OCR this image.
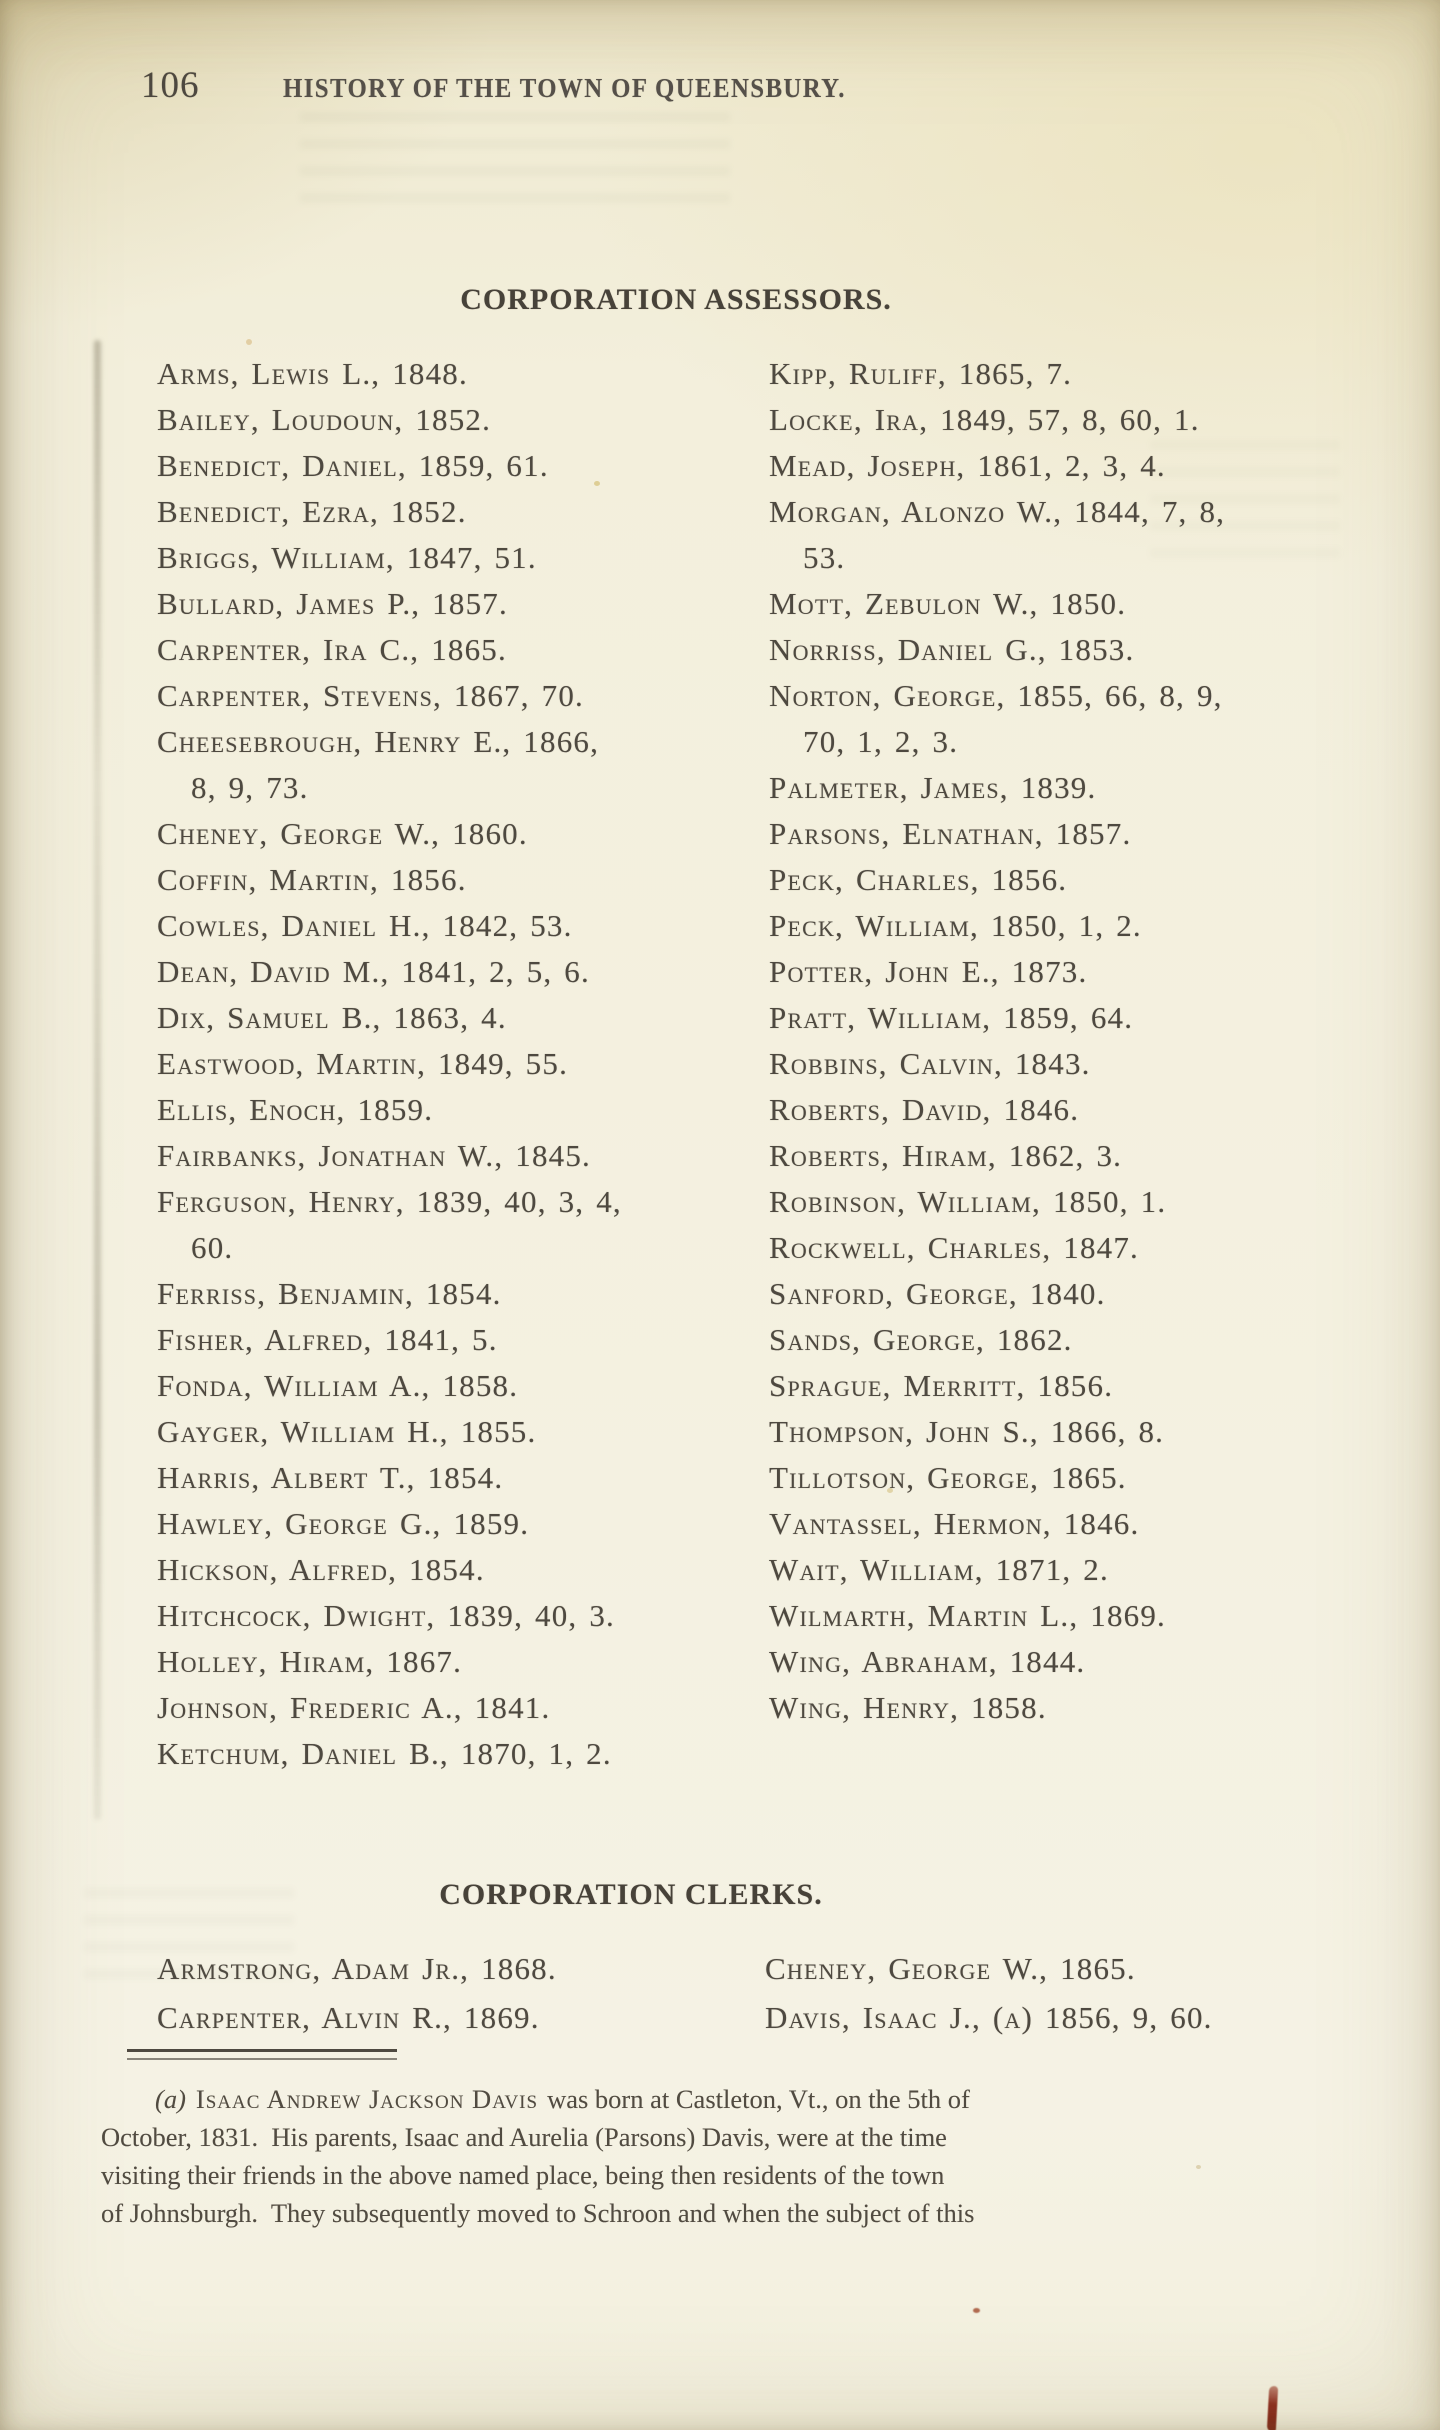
106	HISTORY OF THE TOWN OF QUEENSBURY.
CORPORATION ASSESSORS.
Arms, Lewis L., 1848.
Bailey, Loudoun, 1852.
Benedict, Daniel, 1859, 61.
Benedict, Ezra, 1852.
Briggs, William, 1847, 51.
Bullard, James P., 1857.
Carpenter, Ira C., 1865.
Carpenter, Stevens, 1867, 70.
Cheesebrough, Henry E., 1866,
8, 9, 73.
Cheney, George W., 1860.
Coffin, Martin, 1856.
Cowles, Daniel H., 1842, 53.
Dean, David M., 1841, 2, 5, 6.
Dix, Samuel B., 1863, 4.
Eastwood, Martin, 1849, 55.
Ellis, Enoch, 1859.
Fairbanks, Jonathan W., 1845.
Ferguson, Henry, 1839, 40, 3, 4,
60.
Ferriss, Benjamin, 1854.
Fisher, Alfred, 1841, 5.
Fonda, William A., 1858.
Gayger, William H., 1855.
Harris, Albert T., 1854.
Hawley, George G., 1859.
Hickson, Alfred, 1854.
Hitchcock, Dwight, 1839, 40, 3.
Holley, Hiram, 1867.
Johnson, Frederic A., 1841.
Ketchum, Daniel B., 1870, 1, 2.
Kipp, Ruliff, 1865, 7.
Locke, Ira, 1849, 57, 8, 60, 1.
Mead, Joseph, 1861, 2, 3, 4.
Morgan, Alonzo W., 1844, 7, 8,
53.
Mott, Zebulon W., 1850.
Norriss, Daniel G., 1853.
Norton, George, 1855, 66, 8, 9,
70, 1, 2, 3.
Palmeter, James, 1839.
Parsons, Elnathan, 1857.
Peck, Charles, 1856.
Peck, William, 1850, 1, 2.
Potter, John E., 1873.
Pratt, William, 1859, 64.
Robbins, Calvin, 1843.
Roberts, David, 1846.
Roberts, Hiram, 1862, 3.
Robinson, William, 1850, 1.
Rockwell, Charles, 1847.
Sanford, George, 1840.
Sands, George, 1862.
Sprague, Merritt, 1856.
Thompson, John S., 1866, 8.
Tillotson, George, 1865.
Vantassel, Hermon, 1846.
Wait, William, 1871, 2.
Wilmarth, Martin L., 1869.
Wing, Abraham, 1844.
Wing, Henry, 1858.
CORPORATION CLERKS.
Armstrong, Adam Jr., 1868.
Carpenter, Alvin R., 1869.
Cheney, George W., 1865.
Davis, Isaac J., (a) 1856, 9, 60.
(a) Isaac Andrew Jackson Davis was born at Castleton, Vt., on the 5th of
October, 1831.  His parents, Isaac and Aurelia (Parsons) Davis, were at the time
visiting their friends in the above named place, being then residents of the town
of Johnsburgh.  They subsequently moved to Schroon and when the subject of this
